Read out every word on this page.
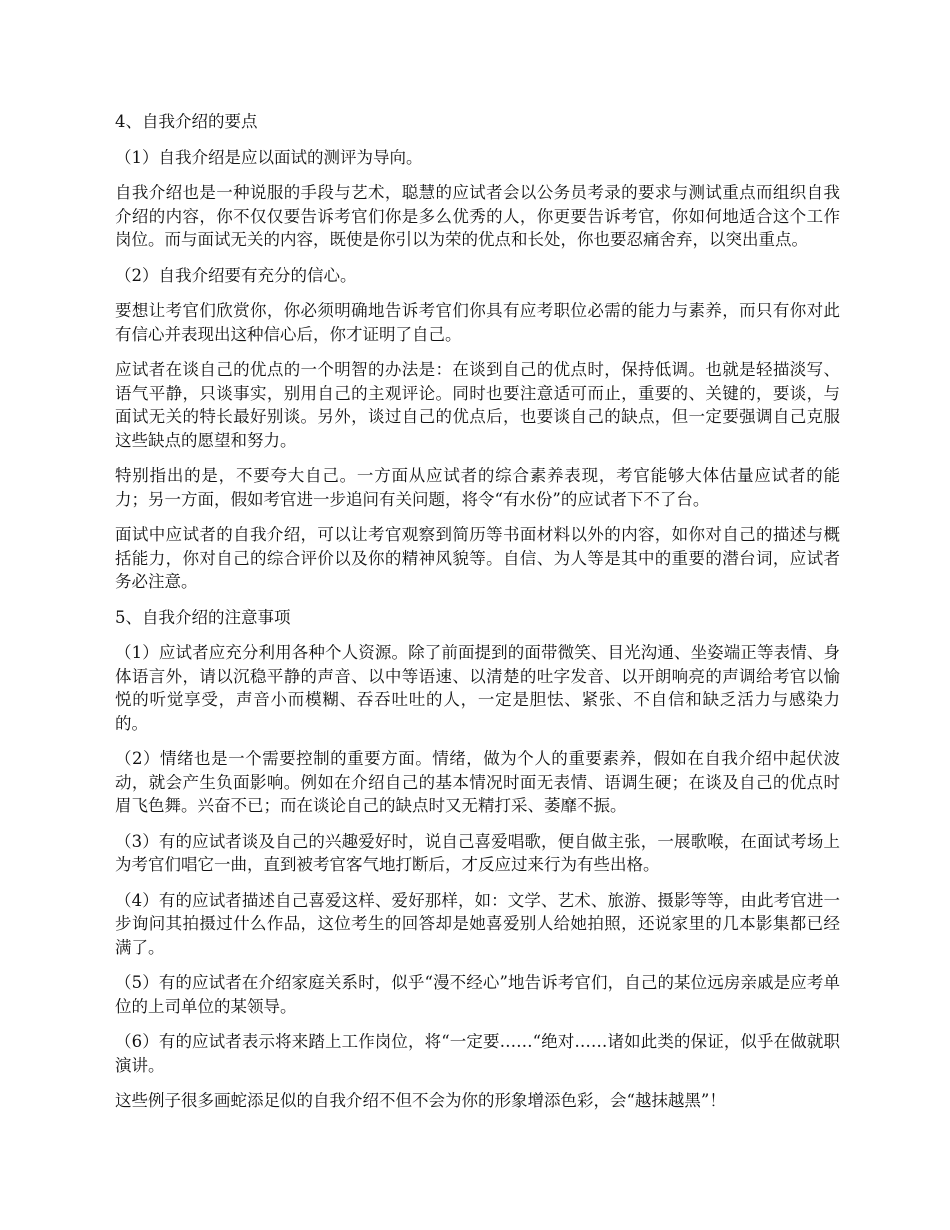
4、自我介绍的要点

（1）自我介绍是应以面试的测评为导向。

自我介绍也是一种说服的手段与艺术，聪慧的应试者会以公务员考录的要求与测试重点而组织自我介绍的内容，你不仅仅要告诉考官们你是多么优秀的人，你更要告诉考官，你如何地适合这个工作岗位。而与面试无关的内容，既使是你引以为荣的优点和长处，你也要忍痛舍弃，以突出重点。

（2）自我介绍要有充分的信心。

要想让考官们欣赏你，你必须明确地告诉考官们你具有应考职位必需的能力与素养，而只有你对此有信心并表现出这种信心后，你才证明了自己。

应试者在谈自己的优点的一个明智的办法是：在谈到自己的优点时，保持低调。也就是轻描淡写、语气平静，只谈事实，别用自己的主观评论。同时也要注意适可而止，重要的、关键的，要谈，与面试无关的特长最好别谈。另外，谈过自己的优点后，也要谈自己的缺点，但一定要强调自己克服这些缺点的愿望和努力。

特别指出的是，不要夸大自己。一方面从应试者的综合素养表现，考官能够大体估量应试者的能力；另一方面，假如考官进一步追问有关问题，将令“有水份”的应试者下不了台。

面试中应试者的自我介绍，可以让考官观察到简历等书面材料以外的内容，如你对自己的描述与概括能力，你对自己的综合评价以及你的精神风貌等。自信、为人等是其中的重要的潜台词，应试者务必注意。

5、自我介绍的注意事项

（1）应试者应充分利用各种个人资源。除了前面提到的面带微笑、目光沟通、坐姿端正等表情、身体语言外，请以沉稳平静的声音、以中等语速、以清楚的吐字发音、以开朗响亮的声调给考官以愉悦的听觉享受，声音小而模糊、吞吞吐吐的人，一定是胆怯、紧张、不自信和缺乏活力与感染力的。

（2）情绪也是一个需要控制的重要方面。情绪，做为个人的重要素养，假如在自我介绍中起伏波动，就会产生负面影响。例如在介绍自己的基本情况时面无表情、语调生硬；在谈及自己的优点时眉飞色舞。兴奋不已；而在谈论自己的缺点时又无精打采、萎靡不振。

（3）有的应试者谈及自己的兴趣爱好时，说自己喜爱唱歌，便自做主张，一展歌喉，在面试考场上为考官们唱它一曲，直到被考官客气地打断后，才反应过来行为有些出格。

（4）有的应试者描述自己喜爱这样、爱好那样，如：文学、艺术、旅游、摄影等等，由此考官进一步询问其拍摄过什么作品，这位考生的回答却是她喜爱别人给她拍照，还说家里的几本影集都已经满了。

（5）有的应试者在介绍家庭关系时，似乎“漫不经心”地告诉考官们，自己的某位远房亲戚是应考单位的上司单位的某领导。

（6）有的应试者表示将来踏上工作岗位，将“一定要……“绝对……诸如此类的保证，似乎在做就职演讲。

这些例子很多画蛇添足似的自我介绍不但不会为你的形象增添色彩，会“越抹越黑”！
